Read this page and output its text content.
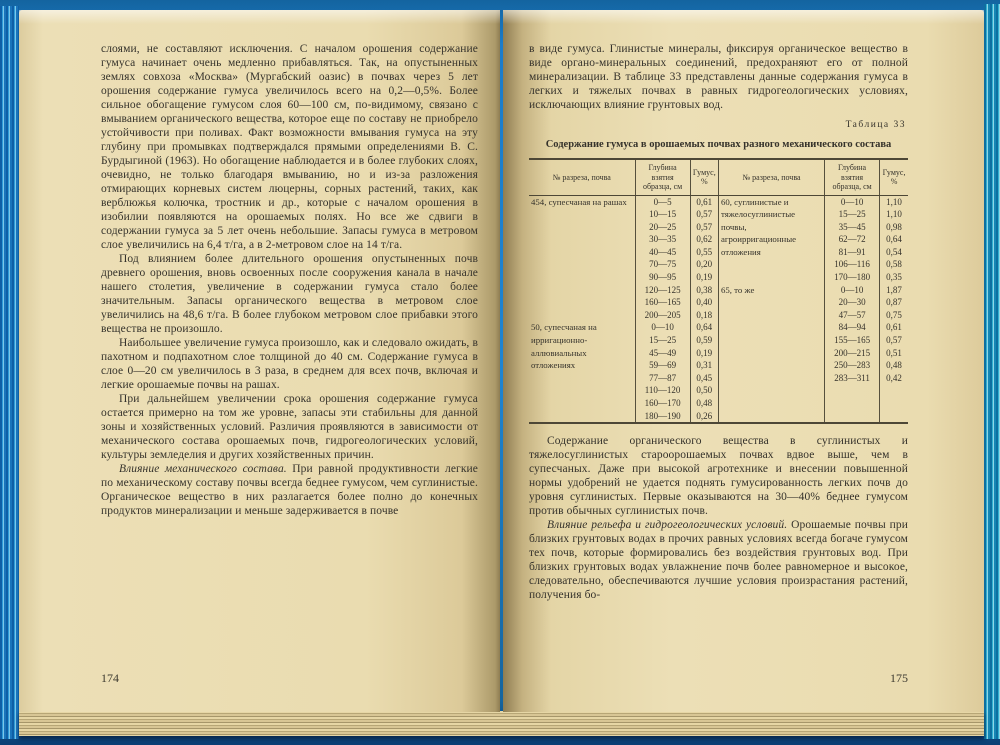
слоями, не составляют исключения. С началом орошения содержание гумуса начинает очень медленно прибавляться. Так, на опустыненных землях совхоза «Москва» (Мургабский оазис) в почвах через 5 лет орошения содержание гумуса увеличилось всего на 0,2—0,5%. Более сильное обогащение гумусом слоя 60—100 см, по-видимому, связано с вмыванием органического вещества, которое еще по составу не приобрело устойчивости при поливах. Факт возможности вмывания гумуса на эту глубину при промывках подтверждался прямыми определениями В. С. Бурдыгиной (1963). Но обогащение наблюдается и в более глубоких слоях, очевидно, не только благодаря вмыванию, но и из-за разложения отмирающих корневых систем люцерны, сорных растений, таких, как верблюжья колючка, тростник и др., которые с началом орошения в изобилии появляются на орошаемых полях. Но все же сдвиги в содержании гумуса за 5 лет очень небольшие. Запасы гумуса в метровом слое увеличились на 6,4 т/га, а в 2-метровом слое на 14 т/га.

Под влиянием более длительного орошения опустыненных почв древнего орошения, вновь освоенных после сооружения канала в начале нашего столетия, увеличение в содержании гумуса стало более значительным. Запасы органического вещества в метровом слое увеличились на 48,6 т/га. В более глубоком метровом слое прибавки этого вещества не произошло.

Наибольшее увеличение гумуса произошло, как и следовало ожидать, в пахотном и подпахотном слое толщиной до 40 см. Содержание гумуса в слое 0—20 см увеличилось в 3 раза, в среднем для всех почв, включая и легкие орошаемые почвы на рашах.

При дальнейшем увеличении срока орошения содержание гумуса остается примерно на том же уровне, запасы эти стабильны для данной зоны и хозяйственных условий. Различия проявляются в зависимости от механического состава орошаемых почв, гидрогеологических условий, культуры земледелия и других хозяйственных причин.

Влияние механического состава. При равной продуктивности легкие по механическому составу почвы всегда беднее гумусом, чем суглинистые. Органическое вещество в них разлагается более полно до конечных продуктов минерализации и меньше задерживается в почве

174

в виде гумуса. Глинистые минералы, фиксируя органическое вещество в виде органо-минеральных соединений, предохраняют его от полной минерализации. В таблице 33 представлены данные содержания гумуса в легких и тяжелых почвах в равных гидрогеологических условиях, исключающих влияние грунтовых вод.

Таблица 33
Содержание гумуса в орошаемых почвах разного механического состава
№ разреза, почва	Глубина взятия образца, см	Гумус, %	№ разреза, почва	Глубина взятия образца, см	Гумус, %
454, супесчаная на рашах	0—5	0,61	60, суглинистые и тяжелосуглинистые почвы, агроирригационные отложения	0—10	1,10
	10—15	0,57		15—25	1,10
	20—25	0,57		35—45	0,98
	30—35	0,62		62—72	0,64
	40—45	0,55		81—91	0,54
	70—75	0,20		106—116	0,58
	90—95	0,19		170—180	0,35
	120—125	0,38	65, то же	0—10	1,87
	160—165	0,40		20—30	0,87
	200—205	0,18		47—57	0,75
50, супесчаная на ирригационно-аллювиальных отложениях	0—10	0,64		84—94	0,61
	15—25	0,59		155—165	0,57
	45—49	0,19		200—215	0,51
	59—69	0,31		250—283	0,48
	77—87	0,45		283—311	0,42
	110—120	0,50			
	160—170	0,48			
	180—190	0,26			

Содержание органического вещества в суглинистых и тяжелосуглинистых староорошаемых почвах вдвое выше, чем в супесчаных. Даже при высокой агротехнике и внесении повышенной нормы удобрений не удается поднять гумусированность легких почв до уровня суглинистых. Первые оказываются на 30—40% беднее гумусом против обычных суглинистых почв.

Влияние рельефа и гидрогеологических условий. Орошаемые почвы при близких грунтовых водах в прочих равных условиях всегда богаче гумусом тех почв, которые формировались без воздействия грунтовых вод. При близких грунтовых водах увлажнение почв более равномерное и высокое, следовательно, обеспечиваются лучшие условия произрастания растений, получения бо-

175
